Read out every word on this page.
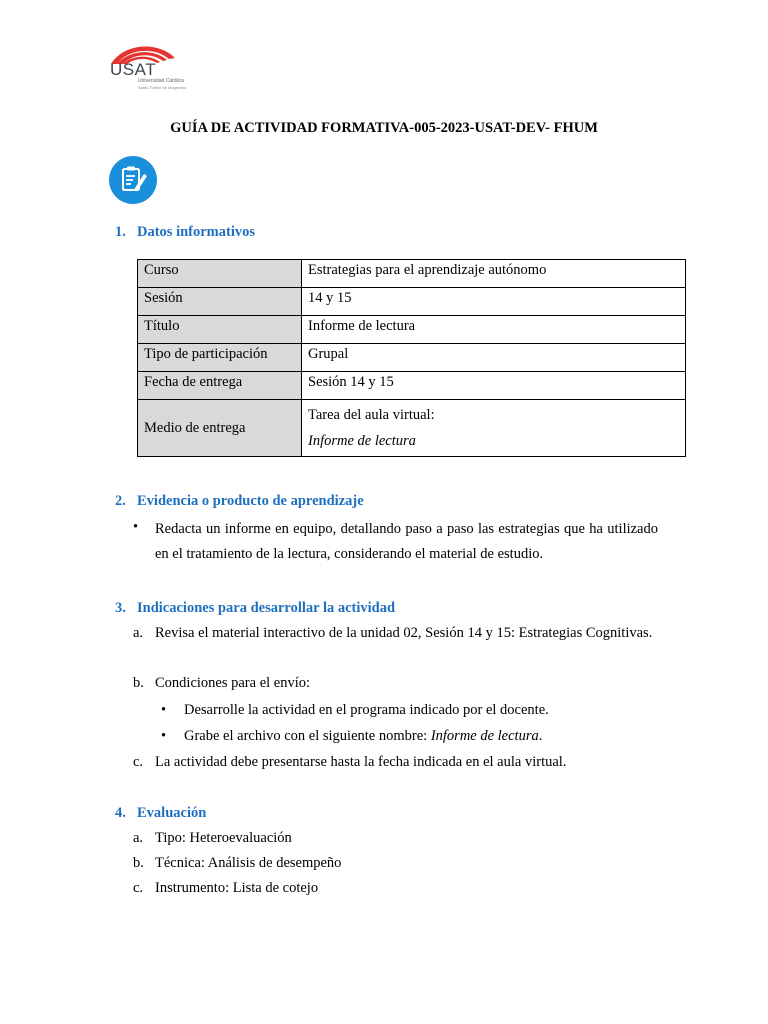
USAT
Universidad Católica
Santo Toribio de Mogrovejo
GUÍA DE ACTIVIDAD FORMATIVA-005-2023-USAT-DEV- FHUM
1. Datos informativos
Curso	Estrategias para el aprendizaje autónomo
Sesión	14 y 15
Título	Informe de lectura
Tipo de participación	Grupal
Fecha de entrega	Sesión 14 y 15
Medio de entrega	Tarea del aula virtual:
Informe de lectura
2. Evidencia o producto de aprendizaje
• Redacta un informe en equipo, detallando paso a paso las estrategias que ha utilizado en el tratamiento de la lectura, considerando el material de estudio.
3. Indicaciones para desarrollar la actividad
a. Revisa el material interactivo de la unidad 02, Sesión 14 y 15: Estrategias Cognitivas.
b. Condiciones para el envío:
• Desarrolle la actividad en el programa indicado por el docente.
• Grabe el archivo con el siguiente nombre: Informe de lectura.
c. La actividad debe presentarse hasta la fecha indicada en el aula virtual.
4. Evaluación
a. Tipo: Heteroevaluación
b. Técnica: Análisis de desempeño
c. Instrumento: Lista de cotejo
